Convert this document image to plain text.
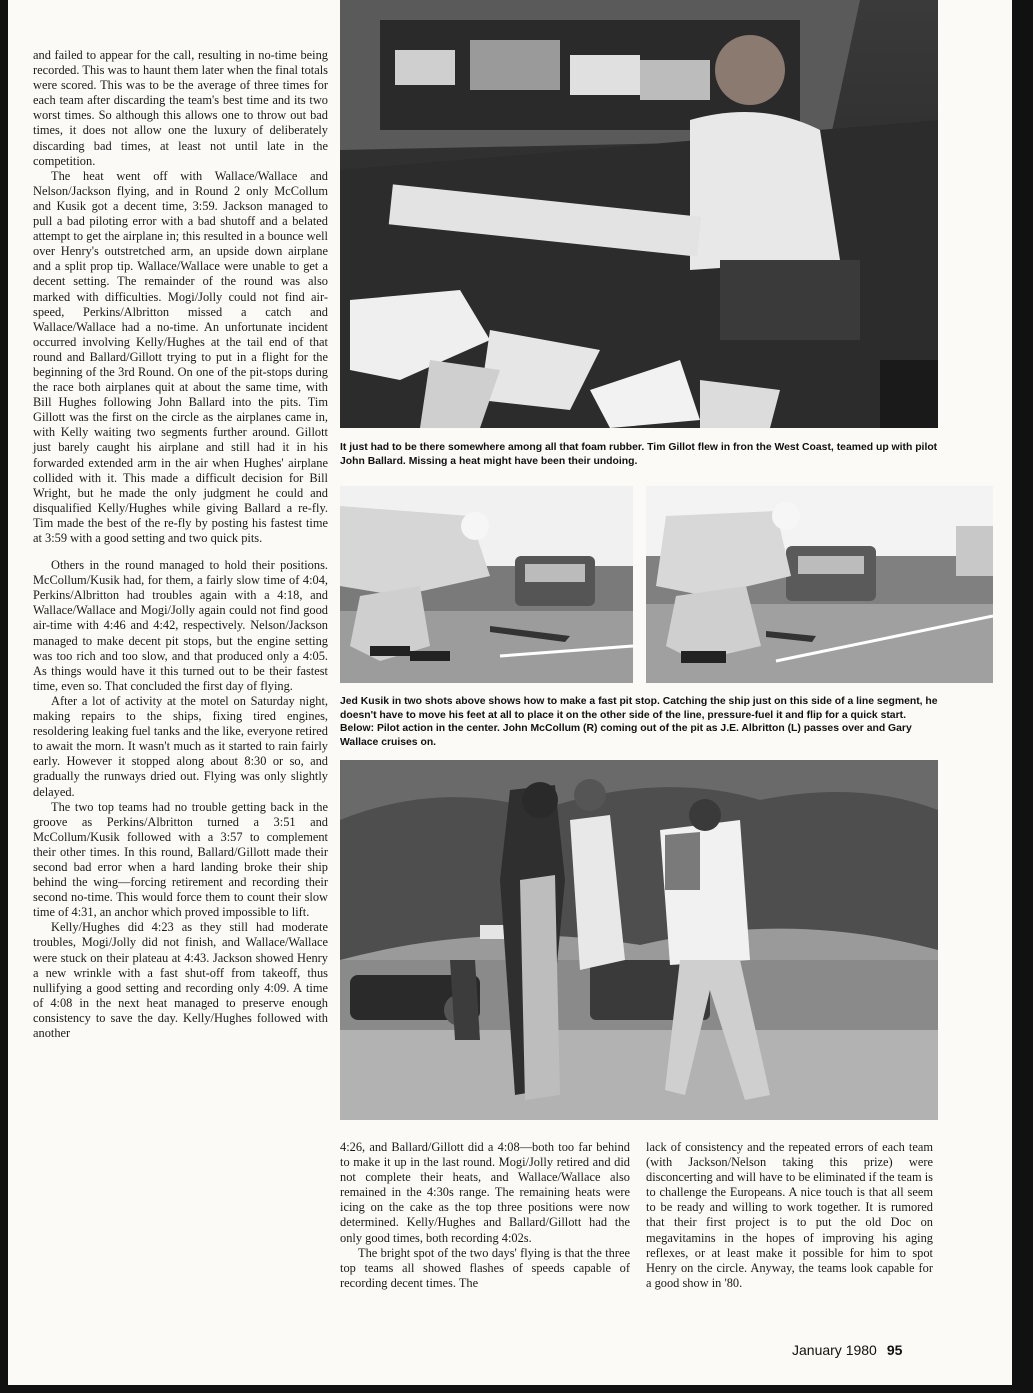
and failed to appear for the call, resulting in no-time being recorded. This was to haunt them later when the final totals were scored. This was to be the average of three times for each team after discarding the team's best time and its two worst times. So although this allows one to throw out bad times, it does not allow one the luxury of deliberately discarding bad times, at least not until late in the competition.

The heat went off with Wallace/Wallace and Nelson/Jackson flying, and in Round 2 only McCollum and Kusik got a decent time, 3:59. Jackson managed to pull a bad piloting error with a bad shutoff and a belated attempt to get the airplane in; this resulted in a bounce well over Henry's outstretched arm, an upside down airplane and a split prop tip. Wallace/Wallace were unable to get a decent setting. The remainder of the round was also marked with difficulties. Mogi/Jolly could not find air-speed, Perkins/Albritton missed a catch and Wallace/Wallace had a no-time. An unfortunate incident occurred involving Kelly/Hughes at the tail end of that round and Ballard/Gillott trying to put in a flight for the beginning of the 3rd Round. On one of the pit-stops during the race both airplanes quit at about the same time, with Bill Hughes following John Ballard into the pits. Tim Gillott was the first on the circle as the airplanes came in, with Kelly waiting two segments further around. Gillott just barely caught his airplane and still had it in his forwarded extended arm in the air when Hughes' airplane collided with it. This made a difficult decision for Bill Wright, but he made the only judgment he could and disqualified Kelly/Hughes while giving Ballard a re-fly. Tim made the best of the re-fly by posting his fastest time at 3:59 with a good setting and two quick pits.

Others in the round managed to hold their positions. McCollum/Kusik had, for them, a fairly slow time of 4:04, Perkins/Albritton had troubles again with a 4:18, and Wallace/Wallace and Mogi/Jolly again could not find good air-time with 4:46 and 4:42, respectively. Nelson/Jackson managed to make decent pit stops, but the engine setting was too rich and too slow, and that produced only a 4:05. As things would have it this turned out to be their fastest time, even so. That concluded the first day of flying.

After a lot of activity at the motel on Saturday night, making repairs to the ships, fixing tired engines, resoldering leaking fuel tanks and the like, everyone retired to await the morn. It wasn't much as it started to rain fairly early. However it stopped along about 8:30 or so, and gradually the runways dried out. Flying was only slightly delayed.

The two top teams had no trouble getting back in the groove as Perkins/Albritton turned a 3:51 and McCollum/Kusik followed with a 3:57 to complement their other times. In this round, Ballard/Gillott made their second bad error when a hard landing broke their ship behind the wing—forcing retirement and recording their second no-time. This would force them to count their slow time of 4:31, an anchor which proved impossible to lift.

Kelly/Hughes did 4:23 as they still had moderate troubles, Mogi/Jolly did not finish, and Wallace/Wallace were stuck on their plateau at 4:43. Jackson showed Henry a new wrinkle with a fast shut-off from takeoff, thus nullifying a good setting and recording only 4:09. A time of 4:08 in the next heat managed to preserve enough consistency to save the day. Kelly/Hughes followed with another

It just had to be there somewhere among all that foam rubber. Tim Gillot flew in fron the West Coast, teamed up with pilot John Ballard. Missing a heat might have been their undoing.
Jed Kusik in two shots above shows how to make a fast pit stop. Catching the ship just on this side of a line segment, he doesn't have to move his feet at all to place it on the other side of the line, pressure-fuel it and flip for a quick start. Below: Pilot action in the center. John McCollum (R) coming out of the pit as J.E. Albritton (L) passes over and Gary Wallace cruises on.

4:26, and Ballard/Gillott did a 4:08—both too far behind to make it up in the last round. Mogi/Jolly retired and did not complete their heats, and Wallace/Wallace also remained in the 4:30s range. The remaining heats were icing on the cake as the top three positions were now determined. Kelly/Hughes and Ballard/Gillott had the only good times, both recording 4:02s.

The bright spot of the two days' flying is that the three top teams all showed flashes of speeds capable of recording decent times. The

lack of consistency and the repeated errors of each team (with Jackson/Nelson taking this prize) were disconcerting and will have to be eliminated if the team is to challenge the Europeans. A nice touch is that all seem to be ready and willing to work together. It is rumored that their first project is to put the old Doc on megavitamins in the hopes of improving his aging reflexes, or at least make it possible for him to spot Henry on the circle. Anyway, the teams look capable for a good show in '80.

January 1980 95
